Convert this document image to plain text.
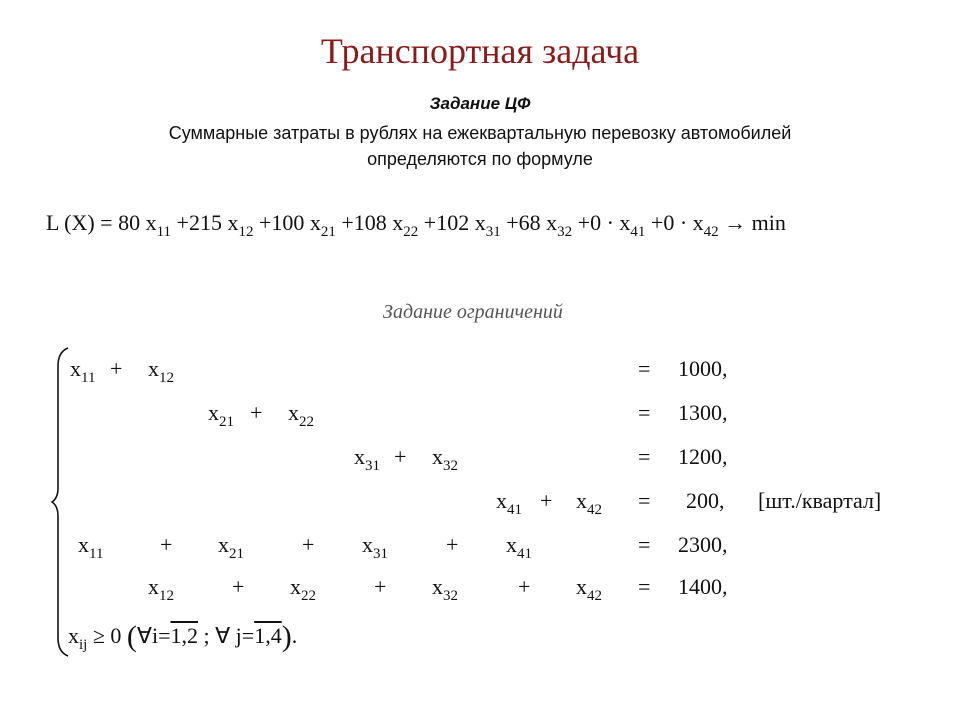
Транспортная задача
Задание ЦФ
Суммарные затраты в рублях на ежеквартальную перевозку автомобилей
определяются по формуле
L (X) = 80 $x_{11} +215$ $x_{12} +100$ $x_{21} +108$ $x_{22} +102$ $x_{31} +68$ $x_{32} +0 \cdot x_{41} +0 \cdot x_{42} \to \min$
Задание ограничений
$x_{11} + x_{12}$	= 1000,
$x_{21} + x_{22}$	= 1300,
$x_{31} + x_{32}$	= 1200,
$x_{41} + x_{42} = 200$, [шт./квартал]
$x_{11}$	+ $x_{21}$	+ $x_{31}$	+ $x_{41}$	= 2300,
$x_{12}$	+ $x_{22}$	+ $x_{32}$	+ $x_{42} = 1400$,
$x_{ij} \ge 0$ (∀i=1,2 ; ∀ j=1,4).
